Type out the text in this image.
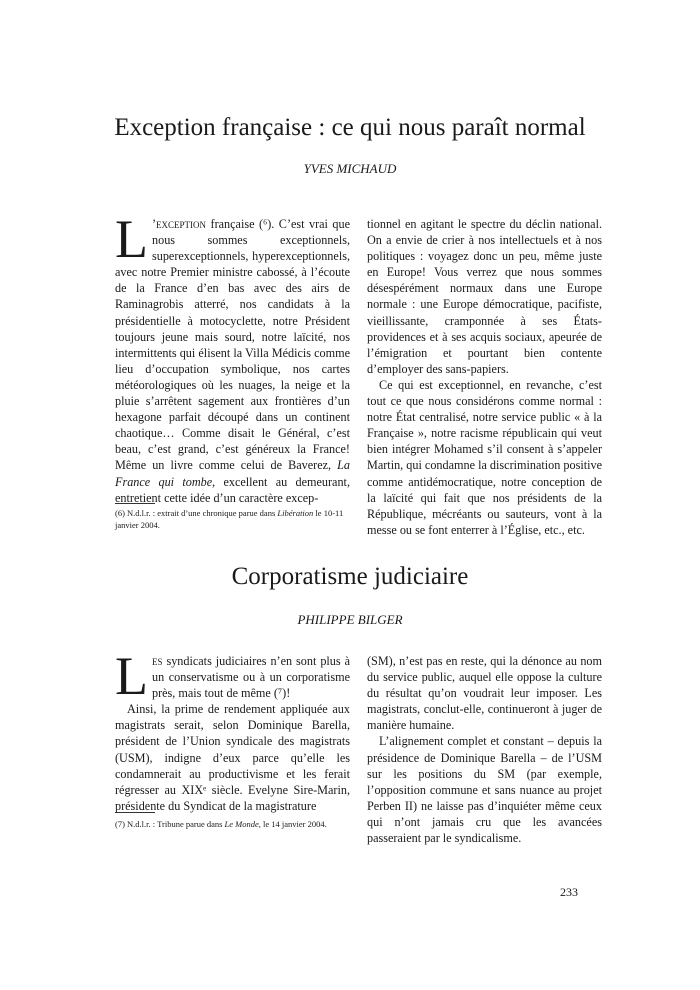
Exception française : ce qui nous paraît normal

YVES MICHAUD

L ’exception française (⁶). C’est vrai que nous sommes exceptionnels, superexceptionnels, hyperexceptionnels, avec notre Premier ministre cabossé, à l’écoute de la France d’en bas avec des airs de Raminagrobis atterré, nos candidats à la présidentielle à motocyclette, notre Président toujours jeune mais sourd, notre laïcité, nos intermittents qui élisent la Villa Médicis comme lieu d’occupation symbolique, nos cartes météorologiques où les nuages, la neige et la pluie s’arrêtent sagement aux frontières d’un hexagone parfait découpé dans un continent chaotique… Comme disait le Général, c’est beau, c’est grand, c’est généreux la France! Même un livre comme celui de Baverez, La France qui tombe, excellent au demeurant, entretient cette idée d’un caractère excep-

tionnel en agitant le spectre du déclin national. On a envie de crier à nos intellectuels et à nos politiques : voyagez donc un peu, même juste en Europe! Vous verrez que nous sommes désespérément normaux dans une Europe normale : une Europe démocratique, pacifiste, vieillissante, cramponnée à ses États-providences et à ses acquis sociaux, apeurée de l’émigration et pourtant bien contente d’employer des sans-papiers.

Ce qui est exceptionnel, en revanche, c’est tout ce que nous considérons comme normal : notre État centralisé, notre service public « à la Française », notre racisme républicain qui veut bien intégrer Mohamed s’il consent à s’appeler Martin, qui condamne la discrimination positive comme antidémocratique, notre conception de la laïcité qui fait que nos présidents de la République, mécréants ou sauteurs, vont à la messe ou se font enterrer à l’Église, etc., etc.

(6) N.d.l.r. : extrait d’une chronique parue dans Libération le 10-11 janvier 2004.
Corporatisme judiciaire

PHILIPPE BILGER

Les syndicats judiciaires n’en sont plus à un conservatisme ou à un corporatisme près, mais tout de même (⁷)!

Ainsi, la prime de rendement appliquée aux magistrats serait, selon Dominique Barella, président de l’Union syndicale des magistrats (USM), indigne d’eux parce qu’elle les condamnerait au productivisme et les ferait régresser au XIXᵉ siècle. Evelyne Sire-Marin, présidente du Syndicat de la magistrature

(SM), n’est pas en reste, qui la dénonce au nom du service public, auquel elle oppose la culture du résultat qu’on voudrait leur imposer. Les magistrats, conclut-elle, continueront à juger de manière humaine.

L’alignement complet et constant – depuis la présidence de Dominique Barella – de l’USM sur les positions du SM (par exemple, l’opposition commune et sans nuance au projet Perben II) ne laisse pas d’inquiéter même ceux qui n’ont jamais cru que les avancées passeraient par le syndicalisme.

(7) N.d.l.r. : Tribune parue dans Le Monde, le 14 janvier 2004.
233
